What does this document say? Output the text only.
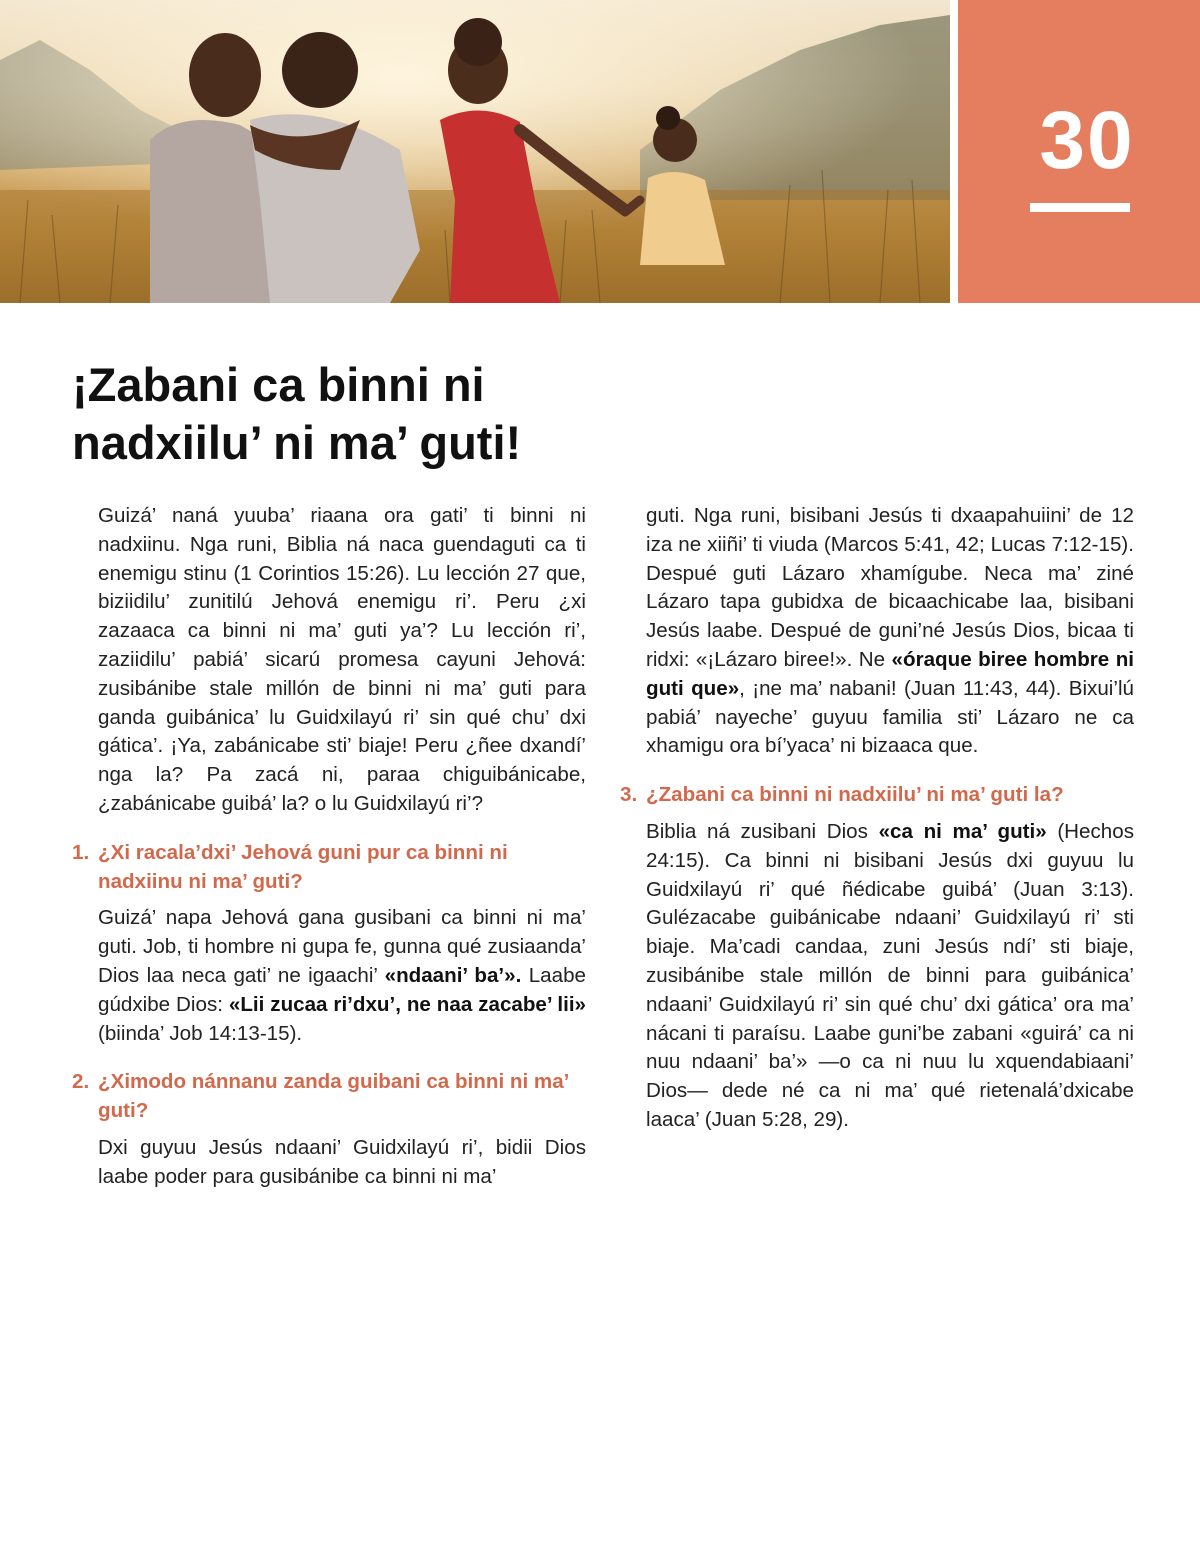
30
¡Zabani ca binni ni
nadxiilu’ ni ma’ guti!

Guizá’ naná yuuba’ riaana ora gati’ ti binni ni nadxiinu. Nga runi, Biblia ná naca guendaguti ca ti enemigu stinu (1 Corintios 15:26). Lu lección 27 que, biziidilu’ zunitilú Jehová enemigu ri’. Peru ¿xi zazaaca ca binni ni ma’ guti ya’? Lu lección ri’, zaziidilu’ pabiá’ sicarú promesa cayuni Jehová: zusibánibe stale millón de binni ni ma’ guti para ganda guibánica’ lu Guidxilayú ri’ sin qué chu’ dxi gática’. ¡Ya, zabánicabe sti’ biaje! Peru ¿ñee dxandí’ nga la? Pa zacá ni, paraa chiguibánicabe, ¿zabánicabe guibá’ la? o lu Guidxilayú ri’?

1. ¿Xi racala’dxi’ Jehová guni pur ca binni ni nadxiinu ni ma’ guti?

Guizá’ napa Jehová gana gusibani ca binni ni ma’ guti. Job, ti hombre ni gupa fe, gunna qué zusiaanda’ Dios laa neca gati’ ne igaachi’ «ndaani’ ba’». Laabe gúdxibe Dios: «Lii zucaa ri’dxu’, ne naa zacabe’ lii» (biinda’ Job 14:13-15).

2. ¿Ximodo nánnanu zanda guibani ca binni ni ma’ guti?

Dxi guyuu Jesús ndaani’ Guidxilayú ri’, bidii Dios laabe poder para gusibánibe ca binni ni ma’

guti. Nga runi, bisibani Jesús ti dxaapahuiini’ de 12 iza ne xiiñi’ ti viuda (Marcos 5:41, 42; Lucas 7:12-15). Despué guti Lázaro xhamígube. Neca ma’ ziné Lázaro tapa gubidxa de bicaachicabe laa, bisibani Jesús laabe. Despué de guni’né Jesús Dios, bicaa ti ridxi: «¡Lázaro biree!». Ne «óraque biree hombre ni guti que», ¡ne ma’ nabani! (Juan 11:43, 44). Bixui’lú pabiá’ nayeche’ guyuu familia sti’ Lázaro ne ca xhamigu ora bí’yaca’ ni bizaaca que.

3. ¿Zabani ca binni ni nadxiilu’ ni ma’ guti la?

Biblia ná zusibani Dios «ca ni ma’ guti» (Hechos 24:15). Ca binni ni bisibani Jesús dxi guyuu lu Guidxilayú ri’ qué ñédicabe guibá’ (Juan 3:13). Gulézacabe guibánicabe ndaani’ Guidxilayú ri’ sti biaje. Ma’cadi candaa, zuni Jesús ndí’ sti biaje, zusibánibe stale millón de binni para guibánica’ ndaani’ Guidxilayú ri’ sin qué chu’ dxi gática’ ora ma’ nácani ti paraísu. Laabe guni’be zabani «guirá’ ca ni nuu ndaani’ ba’» —o ca ni nuu lu xquendabiaani’ Dios— dede né ca ni ma’ qué rietenalá’dxicabe laaca’ (Juan 5:28, 29).
